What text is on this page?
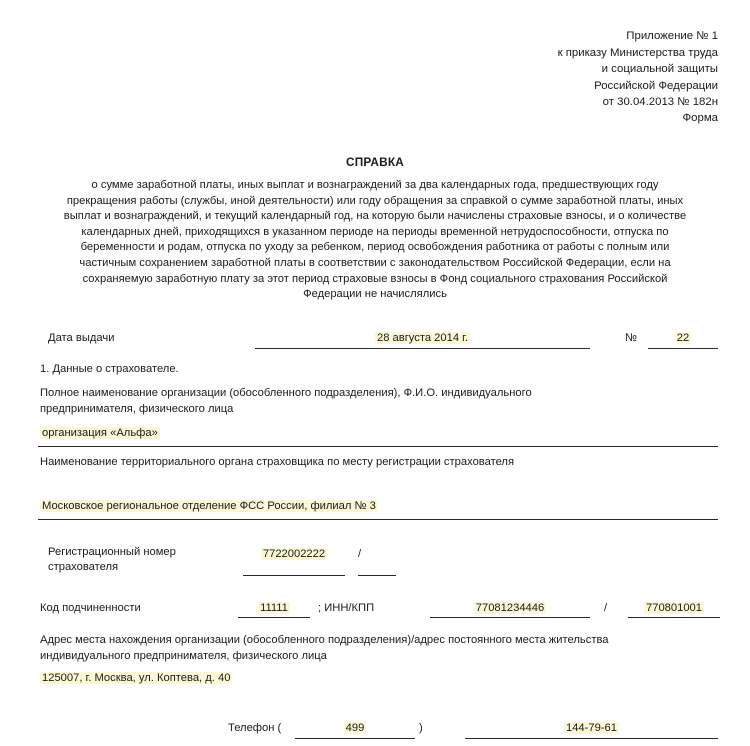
Приложение № 1
к приказу Министерства труда
и социальной защиты
Российской Федерации
от 30.04.2013 № 182н
Форма
СПРАВКА
о сумме заработной платы, иных выплат и вознаграждений за два календарных года, предшествующих году прекращения работы (службы, иной деятельности) или году обращения за справкой о сумме заработной платы, иных выплат и вознаграждений, и текущий календарный год, на которую были начислены страховые взносы, и о количестве календарных дней, приходящихся в указанном периоде на периоды временной нетрудоспособности, отпуска по беременности и родам, отпуска по уходу за ребенком, период освобождения работника от работы с полным или частичным сохранением заработной платы в соответствии с законодательством Российской Федерации, если на сохраняемую заработную плату за этот период страховые взносы в Фонд социального страхования Российской Федерации не начислялись
Дата выдачи	28 августа 2014 г.	№	22
1. Данные о страхователе.
Полное наименование организации (обособленного подразделения), Ф.И.О. индивидуального предпринимателя, физического лица
организация «Альфа»
Наименование территориального органа страховщика по месту регистрации страхователя
Московское региональное отделение ФСС России, филиал № 3
Регистрационный номер
страхователя
7722002222	/
Код подчиненности	11111	; ИНН/КПП	77081234446	/	770801001
Адрес места нахождения организации (обособленного подразделения)/адрес постоянного места жительства индивидуального предпринимателя, физического лица
125007, г. Москва, ул. Коптева, д. 40
Телефон (	499	)	144-79-61
